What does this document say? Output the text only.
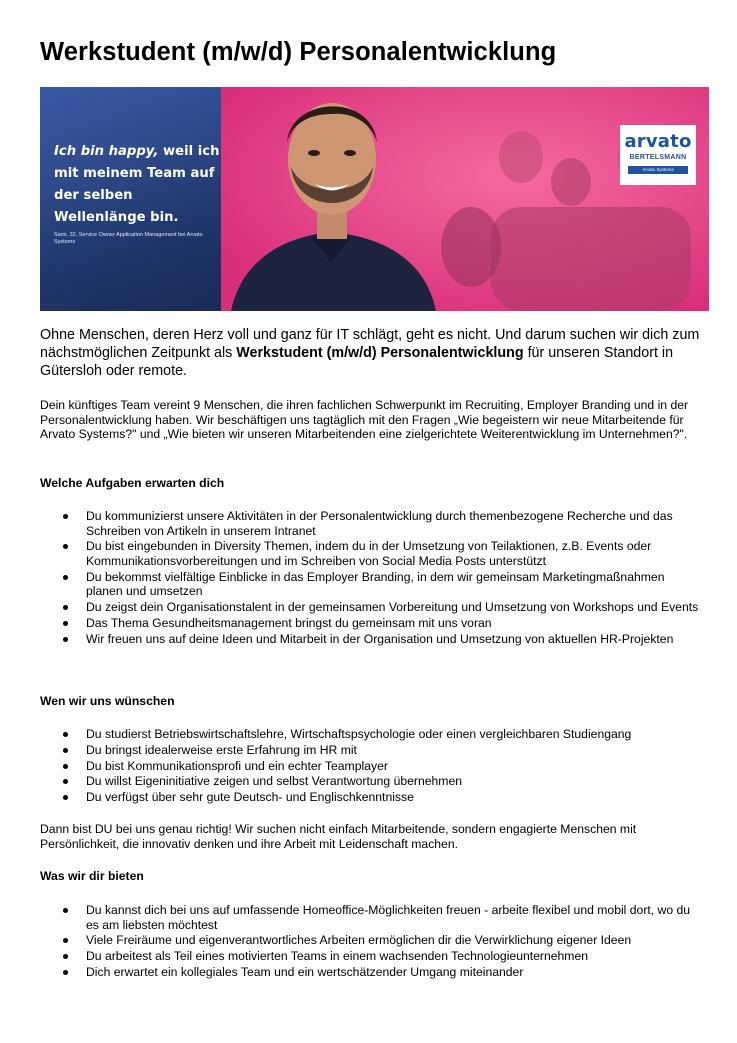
Werkstudent (m/w/d) Personalentwicklung
Ich bin happy, weil ich mit meinem Team auf der selben Wellenlänge bin.
Sami, 32, Service Owner Application Management bei Arvato Systems
arvato
BERTELSMANN
Arvato Systems

Ohne Menschen, deren Herz voll und ganz für IT schlägt, geht es nicht. Und darum suchen wir dich zum nächstmöglichen Zeitpunkt als Werkstudent (m/w/d) Personalentwicklung für unseren Standort in Gütersloh oder remote.

Dein künftiges Team vereint 9 Menschen, die ihren fachlichen Schwerpunkt im Recruiting, Employer Branding und in der Personalentwicklung haben. Wir beschäftigen uns tagtäglich mit den Fragen „Wie begeistern wir neue Mitarbeitende für Arvato Systems?" und „Wie bieten wir unseren Mitarbeitenden eine zielgerichtete Weiterentwicklung im Unternehmen?".

Welche Aufgaben erwarten dich
Du kommunizierst unsere Aktivitäten in der Personalentwicklung durch themenbezogene Recherche und das Schreiben von Artikeln in unserem Intranet
Du bist eingebunden in Diversity Themen, indem du in der Umsetzung von Teilaktionen, z.B. Events oder Kommunikationsvorbereitungen und im Schreiben von Social Media Posts unterstützt
Du bekommst vielfältige Einblicke in das Employer Branding, in dem wir gemeinsam Marketingmaßnahmen planen und umsetzen
Du zeigst dein Organisationstalent in der gemeinsamen Vorbereitung und Umsetzung von Workshops und Events
Das Thema Gesundheitsmanagement bringst du gemeinsam mit uns voran
Wir freuen uns auf deine Ideen und Mitarbeit in der Organisation und Umsetzung von aktuellen HR-Projekten
Wen wir uns wünschen
Du studierst Betriebswirtschaftslehre, Wirtschaftspsychologie oder einen vergleichbaren Studiengang
Du bringst idealerweise erste Erfahrung im HR mit
Du bist Kommunikationsprofi und ein echter Teamplayer
Du willst Eigeninitiative zeigen und selbst Verantwortung übernehmen
Du verfügst über sehr gute Deutsch- und Englischkenntnisse

Dann bist DU bei uns genau richtig! Wir suchen nicht einfach Mitarbeitende, sondern engagierte Menschen mit Persönlichkeit, die innovativ denken und ihre Arbeit mit Leidenschaft machen.

Was wir dir bieten
Du kannst dich bei uns auf umfassende Homeoffice-Möglichkeiten freuen - arbeite flexibel und mobil dort, wo du es am liebsten möchtest
Viele Freiräume und eigenverantwortliches Arbeiten ermöglichen dir die Verwirklichung eigener Ideen
Du arbeitest als Teil eines motivierten Teams in einem wachsenden Technologieunternehmen
Dich erwartet ein kollegiales Team und ein wertschätzender Umgang miteinander
